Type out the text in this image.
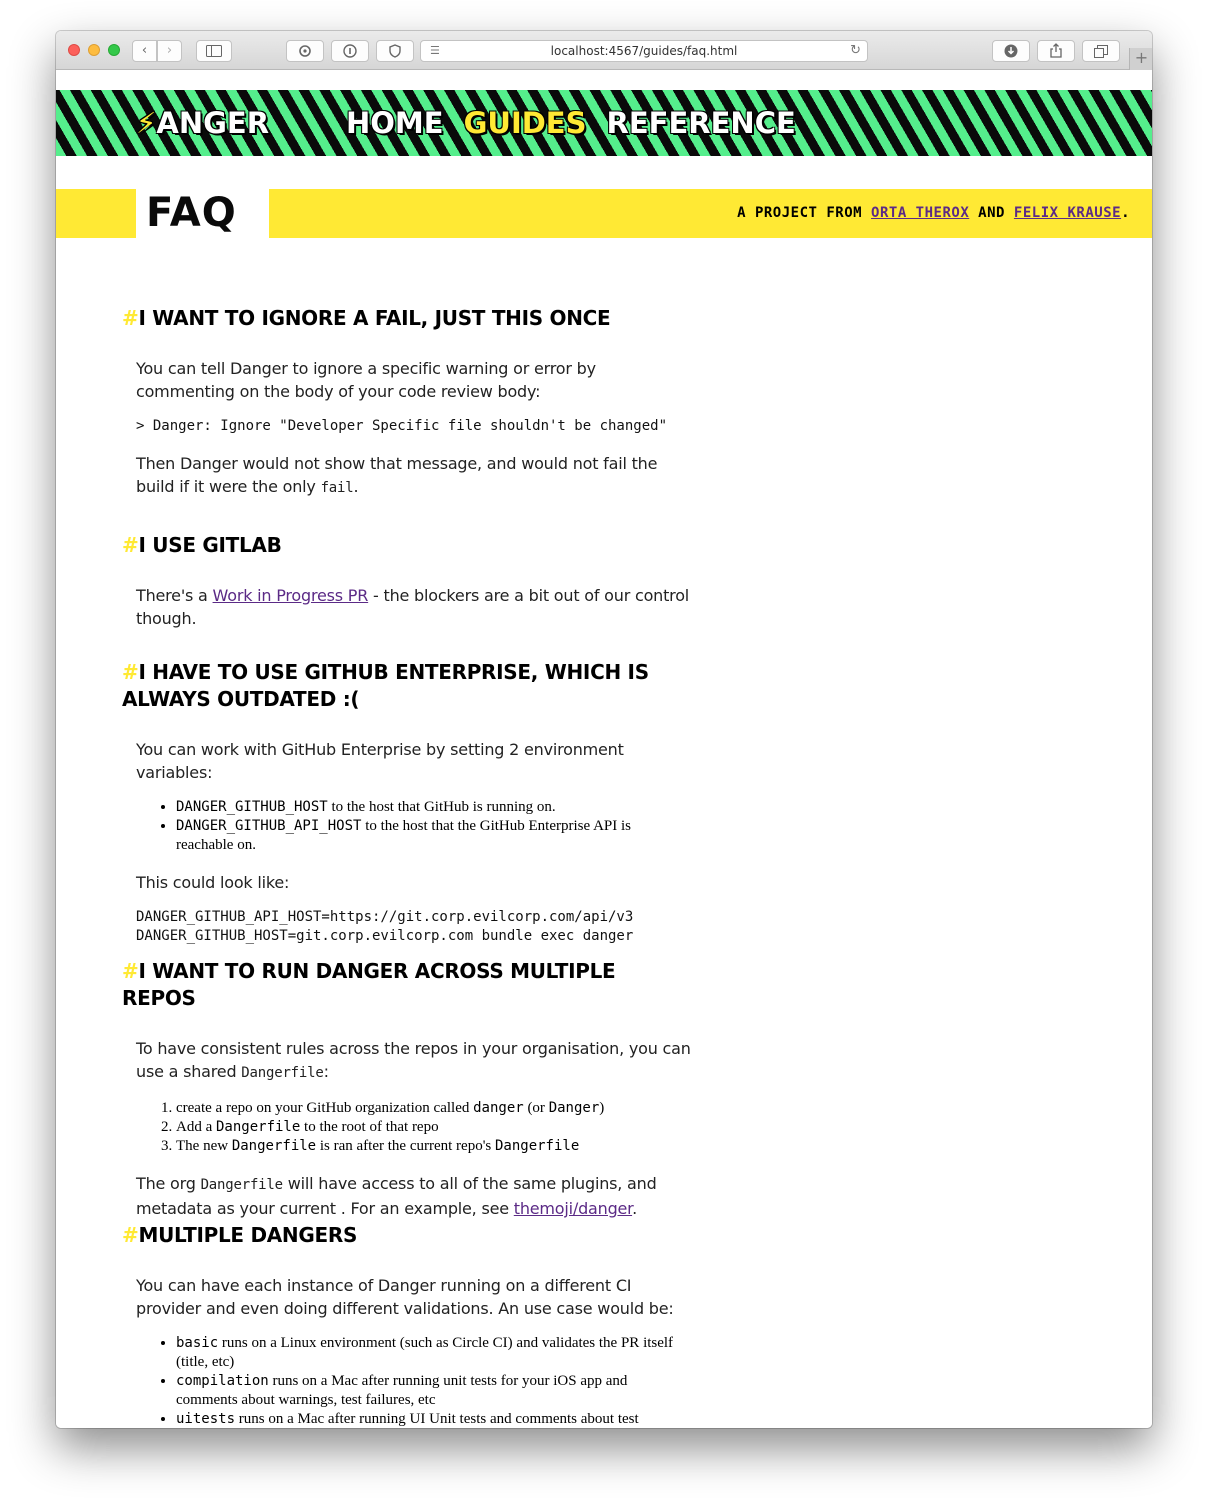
‹	›	☰	localhost:4567/guides/faq.html	↻	+
⚡ANGER	HOME GUIDES REFERENCE
FAQ	A PROJECT FROM ORTA THEROX AND FELIX KRAUSE.
#I WANT TO IGNORE A FAIL, JUST THIS ONCE

You can tell Danger to ignore a specific warning or error by commenting on the body of your code review body:

> Danger: Ignore "Developer Specific file shouldn't be changed"

Then Danger would not show that message, and would not fail the build if it were the only fail.

#I USE GITLAB

There's a Work in Progress PR - the blockers are a bit out of our control though.

#I HAVE TO USE GITHUB ENTERPRISE, WHICH IS ALWAYS OUTDATED :(

You can work with GitHub Enterprise by setting 2 environment variables:

• DANGER_GITHUB_HOST to the host that GitHub is running on.
• DANGER_GITHUB_API_HOST to the host that the GitHub Enterprise API is reachable on.

This could look like:

DANGER_GITHUB_API_HOST=https://git.corp.evilcorp.com/api/v3
DANGER_GITHUB_HOST=git.corp.evilcorp.com bundle exec danger
#I WANT TO RUN DANGER ACROSS MULTIPLE REPOS

To have consistent rules across the repos in your organisation, you can use a shared Dangerfile:

1. create a repo on your GitHub organization called danger (or Danger)
2. Add a Dangerfile to the root of that repo
3. The new Dangerfile is ran after the current repo's Dangerfile

The org Dangerfile will have access to all of the same plugins, and metadata as your current . For an example, see themoji/danger.

#MULTIPLE DANGERS

You can have each instance of Danger running on a different CI provider and even doing different validations. An use case would be:

• basic runs on a Linux environment (such as Circle CI) and validates the PR itself (title, etc)
• compilation runs on a Mac after running unit tests for your iOS app and comments about warnings, test failures, etc
• uitests runs on a Mac after running UI Unit tests and comments about test
